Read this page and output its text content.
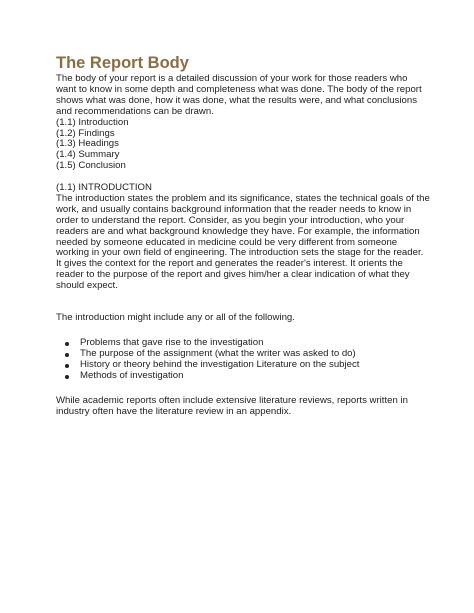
The Report Body

The body of your report is a detailed discussion of your work for those readers who
want to know in some depth and completeness what was done. The body of the report
shows what was done, how it was done, what the results were, and what conclusions
and recommendations can be drawn.

(1.1) Introduction
(1.2) Findings
(1.3) Headings
(1.4) Summary
(1.5) Conclusion

(1.1) INTRODUCTION

The introduction states the problem and its significance, states the technical goals of the
work, and usually contains background information that the reader needs to know in
order to understand the report. Consider, as you begin your introduction, who your
readers are and what background knowledge they have. For example, the information
needed by someone educated in medicine could be very different from someone
working in your own field of engineering. The introduction sets the stage for the reader.
It gives the context for the report and generates the reader's interest. It orients the
reader to the purpose of the report and gives him/her a clear indication of what they
should expect.

The introduction might include any or all of the following.

Problems that gave rise to the investigation
The purpose of the assignment (what the writer was asked to do)
History or theory behind the investigation Literature on the subject
Methods of investigation

While academic reports often include extensive literature reviews, reports written in
industry often have the literature review in an appendix.
